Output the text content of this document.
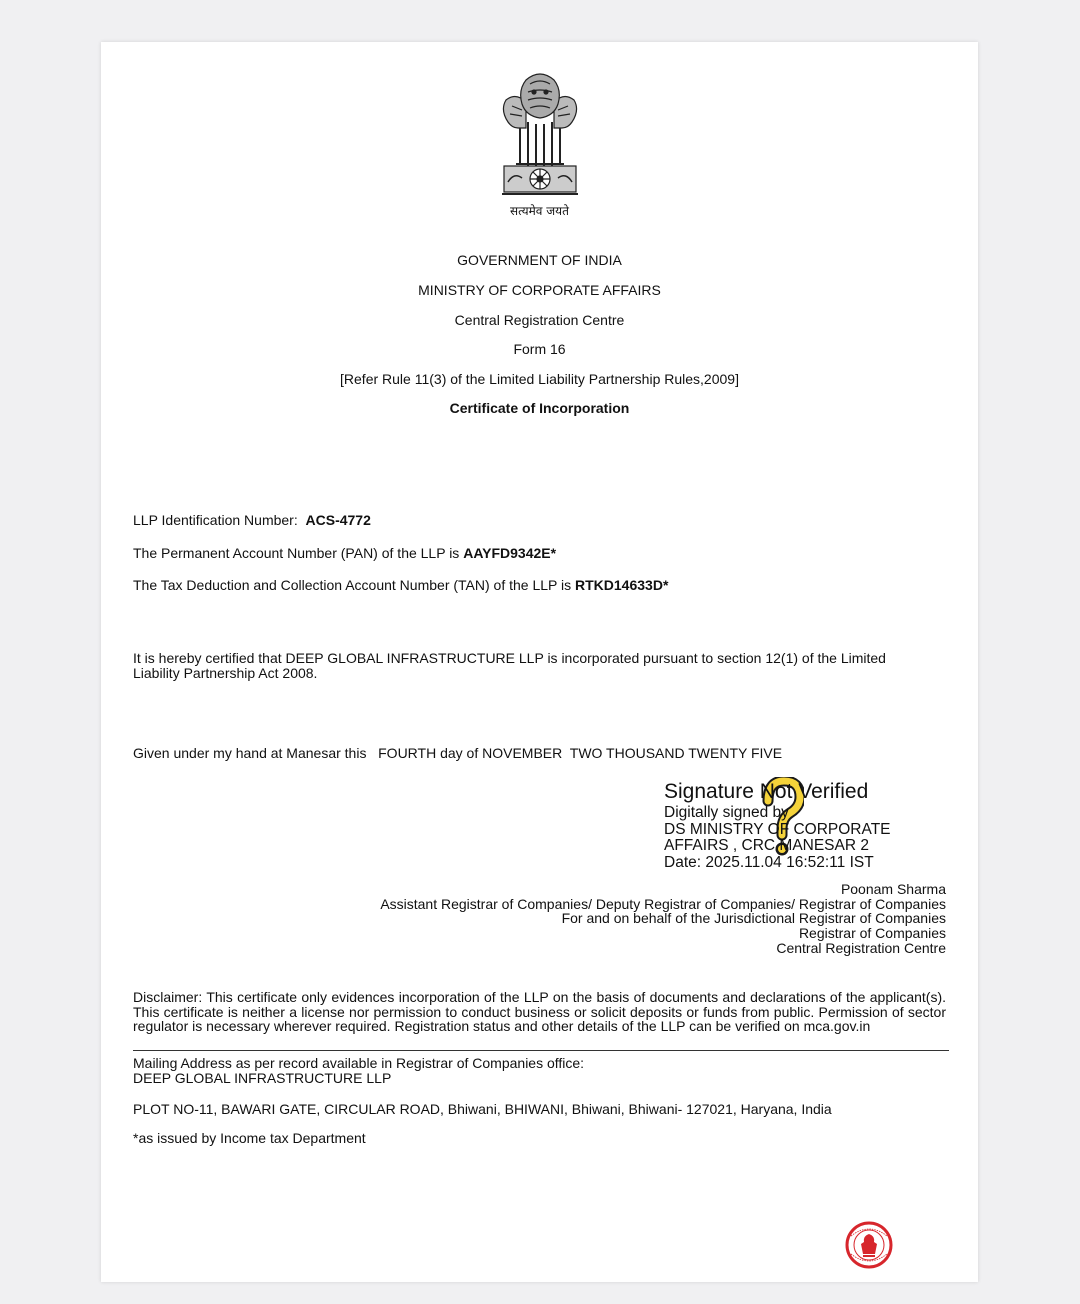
सत्यमेव जयते
GOVERNMENT OF INDIA
MINISTRY OF CORPORATE AFFAIRS
Central Registration Centre
Form 16
[Refer Rule 11(3) of the Limited Liability Partnership Rules,2009]
Certificate of Incorporation
LLP Identification Number: ACS-4772
The Permanent Account Number (PAN) of the LLP is AAYFD9342E*
The Tax Deduction and Collection Account Number (TAN) of the LLP is RTKD14633D*
It is hereby certified that DEEP GLOBAL INFRASTRUCTURE LLP is incorporated pursuant to section 12(1) of the Limited
Liability Partnership Act 2008.
Given under my hand at Manesar this   FOURTH day of NOVEMBER  TWO THOUSAND TWENTY FIVE
Signature Not Verified
Digitally signed by
DS MINISTRY OF CORPORATE
AFFAIRS , CRC MANESAR 2
Date: 2025.11.04 16:52:11 IST
Poonam Sharma
Assistant Registrar of Companies/ Deputy Registrar of Companies/ Registrar of Companies
For and on behalf of the Jurisdictional Registrar of Companies
Registrar of Companies
Central Registration Centre
Disclaimer: This certificate only evidences incorporation of the LLP on the basis of documents and declarations of the applicant(s). This certificate is neither a license nor permission to conduct business or solicit deposits or funds from public. Permission of sector regulator is necessary wherever required. Registration status and other details of the LLP can be verified on mca.gov.in
Mailing Address as per record available in Registrar of Companies office:
DEEP GLOBAL INFRASTRUCTURE LLP
PLOT NO-11, BAWARI GATE, CIRCULAR ROAD, Bhiwani, BHIWANI, Bhiwani, Bhiwani- 127021, Haryana, India
*as issued by Income tax Department
